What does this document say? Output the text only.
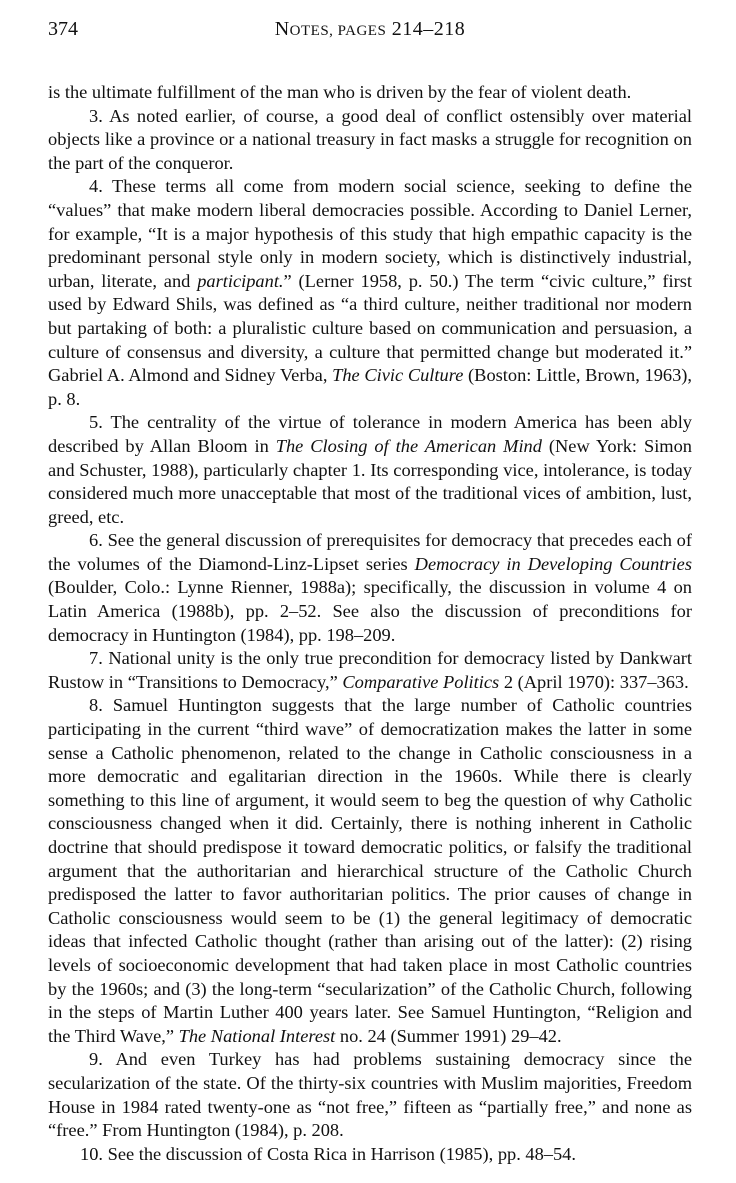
374	NOTES, PAGES 214–218

is the ultimate fulfillment of the man who is driven by the fear of violent death.

3. As noted earlier, of course, a good deal of conflict ostensibly over material objects like a province or a national treasury in fact masks a struggle for recognition on the part of the conqueror.

4. These terms all come from modern social science, seeking to define the “values” that make modern liberal democracies possible. According to Daniel Lerner, for example, “It is a major hypothesis of this study that high empathic capacity is the predominant personal style only in modern society, which is distinctively industrial, urban, literate, and participant.” (Lerner 1958, p. 50.) The term “civic culture,” first used by Edward Shils, was defined as “a third culture, neither traditional nor modern but partaking of both: a pluralistic culture based on communication and persuasion, a culture of consensus and diversity, a culture that permitted change but moderated it.” Gabriel A. Almond and Sidney Verba, The Civic Culture (Boston: Little, Brown, 1963), p. 8.

5. The centrality of the virtue of tolerance in modern America has been ably described by Allan Bloom in The Closing of the American Mind (New York: Simon and Schuster, 1988), particularly chapter 1. Its corresponding vice, intolerance, is today considered much more unacceptable that most of the traditional vices of ambition, lust, greed, etc.

6. See the general discussion of prerequisites for democracy that precedes each of the volumes of the Diamond-Linz-Lipset series Democracy in Developing Countries (Boulder, Colo.: Lynne Rienner, 1988a); specifically, the discussion in volume 4 on Latin America (1988b), pp. 2–52. See also the discussion of preconditions for democracy in Huntington (1984), pp. 198–209.

7. National unity is the only true precondition for democracy listed by Dankwart Rustow in “Transitions to Democracy,” Comparative Politics 2 (April 1970): 337–363.

8. Samuel Huntington suggests that the large number of Catholic countries participating in the current “third wave” of democratization makes the latter in some sense a Catholic phenomenon, related to the change in Catholic consciousness in a more democratic and egalitarian direction in the 1960s. While there is clearly something to this line of argument, it would seem to beg the question of why Catholic consciousness changed when it did. Certainly, there is nothing inherent in Catholic doctrine that should predispose it toward democratic politics, or falsify the traditional argument that the authoritarian and hierarchical structure of the Catholic Church predisposed the latter to favor authoritarian politics. The prior causes of change in Catholic consciousness would seem to be (1) the general legitimacy of democratic ideas that infected Catholic thought (rather than arising out of the latter): (2) rising levels of socioeconomic development that had taken place in most Catholic countries by the 1960s; and (3) the long-term “secularization” of the Catholic Church, following in the steps of Martin Luther 400 years later. See Samuel Huntington, “Religion and the Third Wave,” The National Interest no. 24 (Summer 1991) 29–42.

9. And even Turkey has had problems sustaining democracy since the secularization of the state. Of the thirty-six countries with Muslim majorities, Freedom House in 1984 rated twenty-one as “not free,” fifteen as “partially free,” and none as “free.” From Huntington (1984), p. 208.

10. See the discussion of Costa Rica in Harrison (1985), pp. 48–54.
